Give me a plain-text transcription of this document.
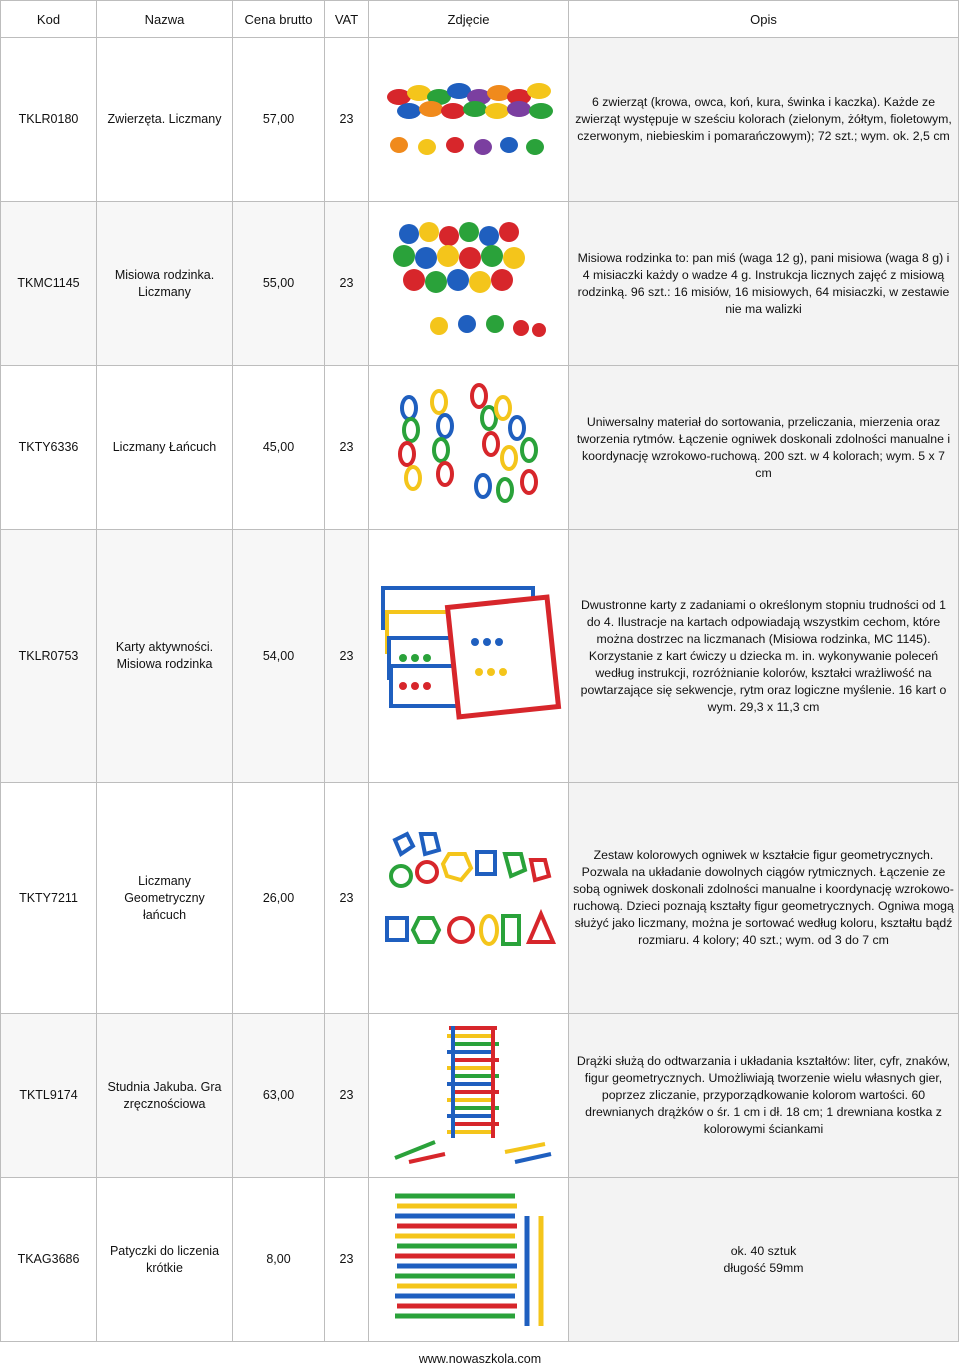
Kod	Nazwa	Cena brutto	VAT	Zdjęcie	Opis
TKLR0180	Zwierzęta. Liczmany	57,00	23		6 zwierząt (krowa, owca, koń, kura, świnka i kaczka). Każde ze zwierząt występuje w sześciu kolorach (zielonym, żółtym, fioletowym, czerwonym, niebieskim i pomarańczowym); 72 szt.; wym. ok. 2,5 cm
TKMC1145	Misiowa rodzinka. Liczmany	55,00	23		Misiowa rodzinka to: pan miś (waga 12 g), pani misiowa (waga 8 g) i 4 misiaczki każdy o wadze 4 g. Instrukcja licznych zajęć z misiową rodzinką. 96 szt.: 16 misiów, 16 misiowych, 64 misiaczki, w zestawie nie ma walizki
TKTY6336	Liczmany Łańcuch	45,00	23		Uniwersalny materiał do sortowania, przeliczania, mierzenia oraz tworzenia rytmów. Łączenie ogniwek doskonali zdolności manualne i koordynację wzrokowo-ruchową. 200 szt. w 4 kolorach; wym. 5 x 7 cm
TKLR0753	Karty aktywności. Misiowa rodzinka	54,00	23		Dwustronne karty z zadaniami o określonym stopniu trudności od 1 do 4. Ilustracje na kartach odpowiadają wszystkim cechom, które można dostrzec na liczmanach (Misiowa rodzinka, MC 1145). Korzystanie z kart ćwiczy u dziecka m. in. wykonywanie poleceń według instrukcji, rozróżnianie kolorów, kształci wrażliwość na powtarzające się sekwencje, rytm oraz logiczne myślenie. 16 kart o wym. 29,3 x 11,3 cm
TKTY7211	Liczmany Geometryczny łańcuch	26,00	23		Zestaw kolorowych ogniwek w kształcie figur geometrycznych. Pozwala na układanie dowolnych ciągów rytmicznych. Łączenie ze sobą ogniwek doskonali zdolności manualne i koordynację wzrokowo-ruchową. Dzieci poznają kształty figur geometrycznych. Ogniwa mogą służyć jako liczmany, można je sortować według koloru, kształtu bądź rozmiaru. 4 kolory; 40 szt.; wym. od 3 do 7 cm
TKTL9174	Studnia Jakuba. Gra zręcznościowa	63,00	23		Drążki służą do odtwarzania i układania kształtów: liter, cyfr, znaków, figur geometrycznych. Umożliwiają tworzenie wielu własnych gier, poprzez zliczanie, przyporządkowanie kolorom wartości. 60 drewnianych drążków o śr. 1 cm i dł. 18 cm; 1 drewniana kostka z kolorowymi ściankami
TKAG3686	Patyczki do liczenia krótkie	8,00	23		ok. 40 sztuk
długość 59mm
www.nowaszkola.com
